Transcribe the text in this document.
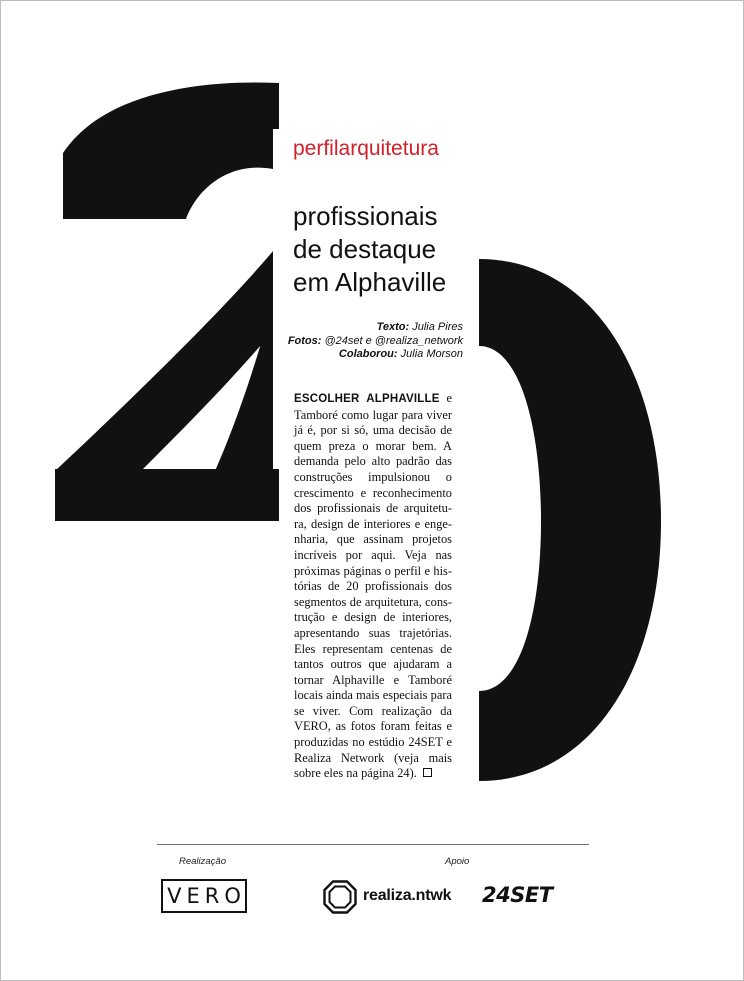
perfilarquitetura
profissionais
de destaque
em Alphaville
Texto: Julia Pires
Fotos: @24set e @realiza_network
Colaborou: Julia Morson
ESCOLHER ALPHAVILLE e Tamboré como lugar para viver já é, por si só, uma decisão de quem preza o morar bem. A demanda pelo alto padrão das construções impulsionou o crescimento e reconhecimento dos profissionais de arquitetura, design de interiores e engenharia, que assinam projetos incríveis por aqui. Veja nas próximas páginas o perfil e histórias de 20 profissionais dos segmentos de arquitetura, construção e design de interiores, apresentando suas trajetórias. Eles representam centenas de tantos outros que ajudaram a tornar Alphaville e Tamboré locais ainda mais especiais para se viver. Com realização da VERO, as fotos foram feitas e produzidas no estúdio 24SET e Realiza Network (veja mais sobre eles na página 24).
Realização	Apoio
VERO	realiza.ntwk 24SET
